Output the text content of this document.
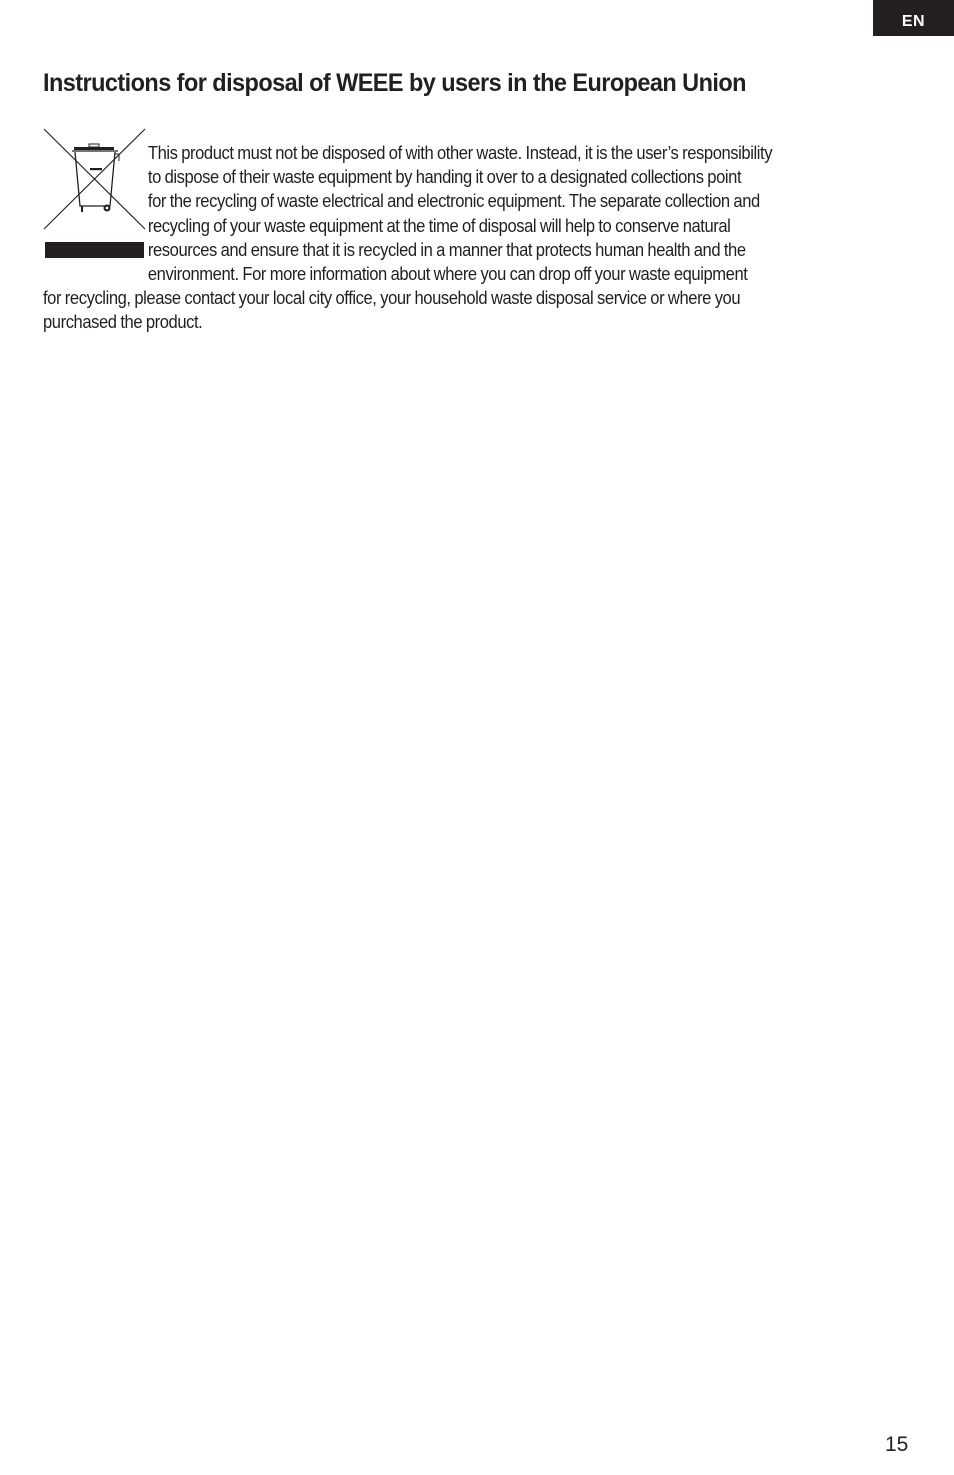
EN
Instructions for disposal of WEEE by users in the European Union

This product must not be disposed of with other waste. Instead, it is the user’s responsibility
to dispose of their waste equipment by handing it over to a designated collections point
for the recycling of waste electrical and electronic equipment. The separate collection and
recycling of your waste equipment at the time of disposal will help to conserve natural
resources and ensure that it is recycled in a manner that protects human health and the
environment. For more information about where you can drop off your waste equipment
for recycling, please contact your local city office, your household waste disposal service or where you
purchased the product.

15
